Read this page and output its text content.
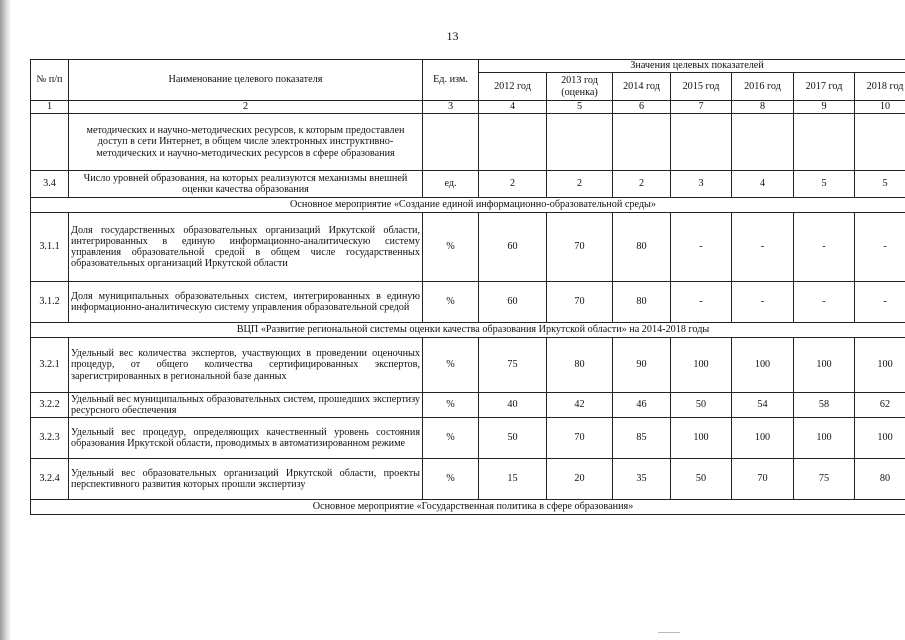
13
№ п/п	Наименование целевого показателя	Ед. изм.	Значения целевых показателей						
			2012 год	2013 год (оценка)	2014 год	2015 год	2016 год	2017 год	2018 год
1	2	3	4	5	6	7	8	9	10
	методических и научно-методических ресурсов, к которым предоставлен доступ в сети Интернет, в общем числе электронных инструктивно-методических и научно-методических ресурсов в сфере образования								
3.4	Число уровней образования, на которых реализуются механизмы внешней оценки качества образования	ед.	2	2	2	3	4	5	5
Основное мероприятие «Создание единой информационно-образовательной среды»									
3.1.1	Доля государственных образовательных организаций Иркутской области, интегрированных в единую информационно-аналитическую систему управления образовательной средой в общем числе государственных образовательных организаций Иркутской области	%	60	70	80	-	-	-	-
3.1.2	Доля муниципальных образовательных систем, интегрированных в единую информационно-аналитическую систему управления образовательной средой	%	60	70	80	-	-	-	-
ВЦП «Развитие региональной системы оценки качества образования Иркутской области» на 2014-2018 годы									
3.2.1	Удельный вес количества экспертов, участвующих в проведении оценочных процедур, от общего количества сертифицированных экспертов, зарегистрированных в региональной базе данных	%	75	80	90	100	100	100	100
3.2.2	Удельный вес муниципальных образовательных систем, прошедших экспертизу ресурсного обеспечения	%	40	42	46	50	54	58	62
3.2.3	Удельный вес процедур, определяющих качественный уровень состояния образования Иркутской области, проводимых в автоматизированном режиме	%	50	70	85	100	100	100	100
3.2.4	Удельный вес образовательных организаций Иркутской области, проекты перспективного развития которых прошли экспертизу	%	15	20	35	50	70	75	80
Основное мероприятие «Государственная политика в сфере образования»									
